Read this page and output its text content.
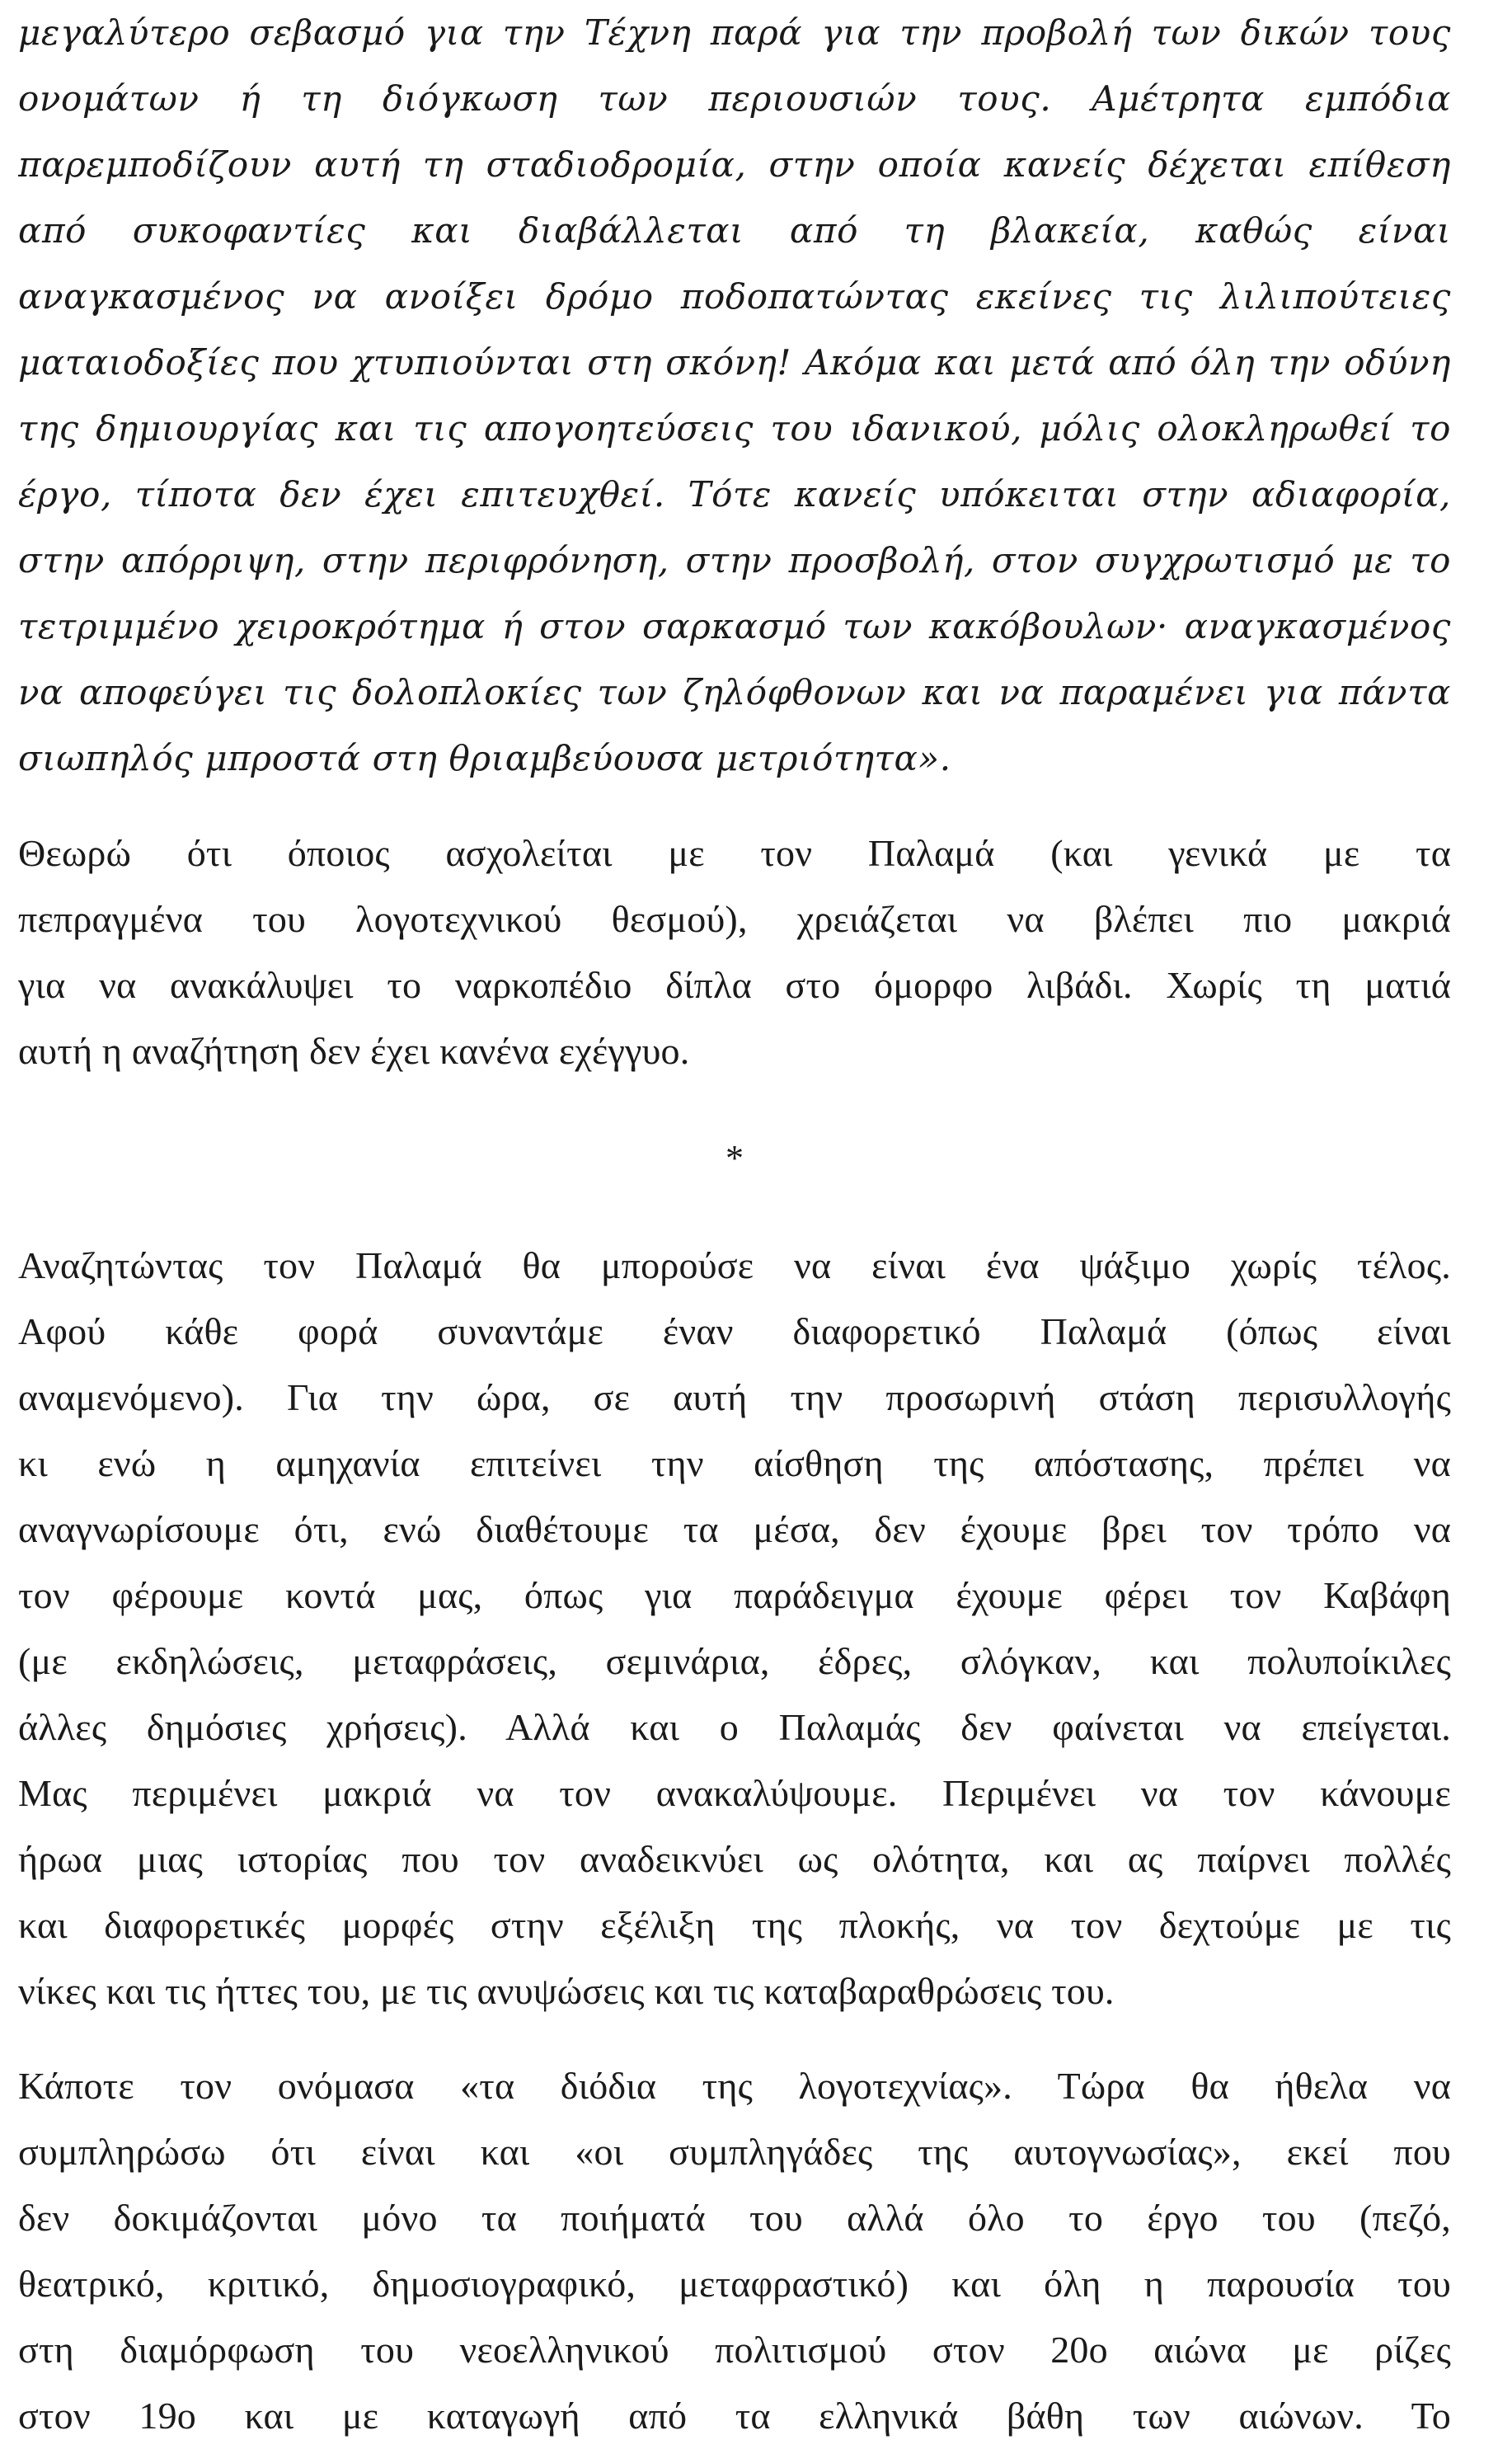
μεγαλύτερο σεβασμό για την Τέχνη παρά για την προβολή των δικών τους
ονομάτων ή τη διόγκωση των περιουσιών τους. Αμέτρητα εμπόδια
παρεμποδίζουν αυτή τη σταδιοδρομία, στην οποία κανείς δέχεται επίθεση
από συκοφαντίες και διαβάλλεται από τη βλακεία, καθώς είναι
αναγκασμένος να ανοίξει δρόμο ποδοπατώντας εκείνες τις λιλιπούτειες
ματαιοδοξίες που χτυπιούνται στη σκόνη! Ακόμα και μετά από όλη την οδύνη
της δημιουργίας και τις απογοητεύσεις του ιδανικού, μόλις ολοκληρωθεί το
έργο, τίποτα δεν έχει επιτευχθεί. Τότε κανείς υπόκειται στην αδιαφορία,
στην απόρριψη, στην περιφρόνηση, στην προσβολή, στον συγχρωτισμό με το
τετριμμένο χειροκρότημα ή στον σαρκασμό των κακόβουλων· αναγκασμένος
να αποφεύγει τις δολοπλοκίες των ζηλόφθονων και να παραμένει για πάντα
σιωπηλός μπροστά στη θριαμβεύουσα μετριότητα».
Θεωρώ ότι όποιος ασχολείται με τον Παλαμά (και γενικά με τα
πεπραγμένα του λογοτεχνικού θεσμού), χρειάζεται να βλέπει πιο μακριά
για να ανακάλυψει το ναρκοπέδιο δίπλα στο όμορφο λιβάδι. Χωρίς τη ματιά
αυτή η αναζήτηση δεν έχει κανένα εχέγγυο.

*

Αναζητώντας τον Παλαμά θα μπορούσε να είναι ένα ψάξιμο χωρίς τέλος.
Αφού κάθε φορά συναντάμε έναν διαφορετικό Παλαμά (όπως είναι
αναμενόμενο). Για την ώρα, σε αυτή την προσωρινή στάση περισυλλογής
κι ενώ η αμηχανία επιτείνει την αίσθηση της απόστασης, πρέπει να
αναγνωρίσουμε ότι, ενώ διαθέτουμε τα μέσα, δεν έχουμε βρει τον τρόπο να
τον φέρουμε κοντά μας, όπως για παράδειγμα έχουμε φέρει τον Καβάφη
(με εκδηλώσεις, μεταφράσεις, σεμινάρια, έδρες, σλόγκαν, και πολυποίκιλες
άλλες δημόσιες χρήσεις). Αλλά και ο Παλαμάς δεν φαίνεται να επείγεται.
Μας περιμένει μακριά να τον ανακαλύψουμε. Περιμένει να τον κάνουμε
ήρωα μιας ιστορίας που τον αναδεικνύει ως ολότητα, και ας παίρνει πολλές
και διαφορετικές μορφές στην εξέλιξη της πλοκής, να τον δεχτούμε με τις
νίκες και τις ήττες του, με τις ανυψώσεις και τις καταβαραθρώσεις του.
Κάποτε τον ονόμασα «τα διόδια της λογοτεχνίας». Τώρα θα ήθελα να
συμπληρώσω ότι είναι και «οι συμπληγάδες της αυτογνωσίας», εκεί που
δεν δοκιμάζονται μόνο τα ποιήματά του αλλά όλο το έργο του (πεζό,
θεατρικό, κριτικό, δημοσιογραφικό, μεταφραστικό) και όλη η παρουσία του
στη διαμόρφωση του νεοελληνικού πολιτισμού στον 20ο αιώνα με ρίζες
στον 19ο και με καταγωγή από τα ελληνικά βάθη των αιώνων. Το
